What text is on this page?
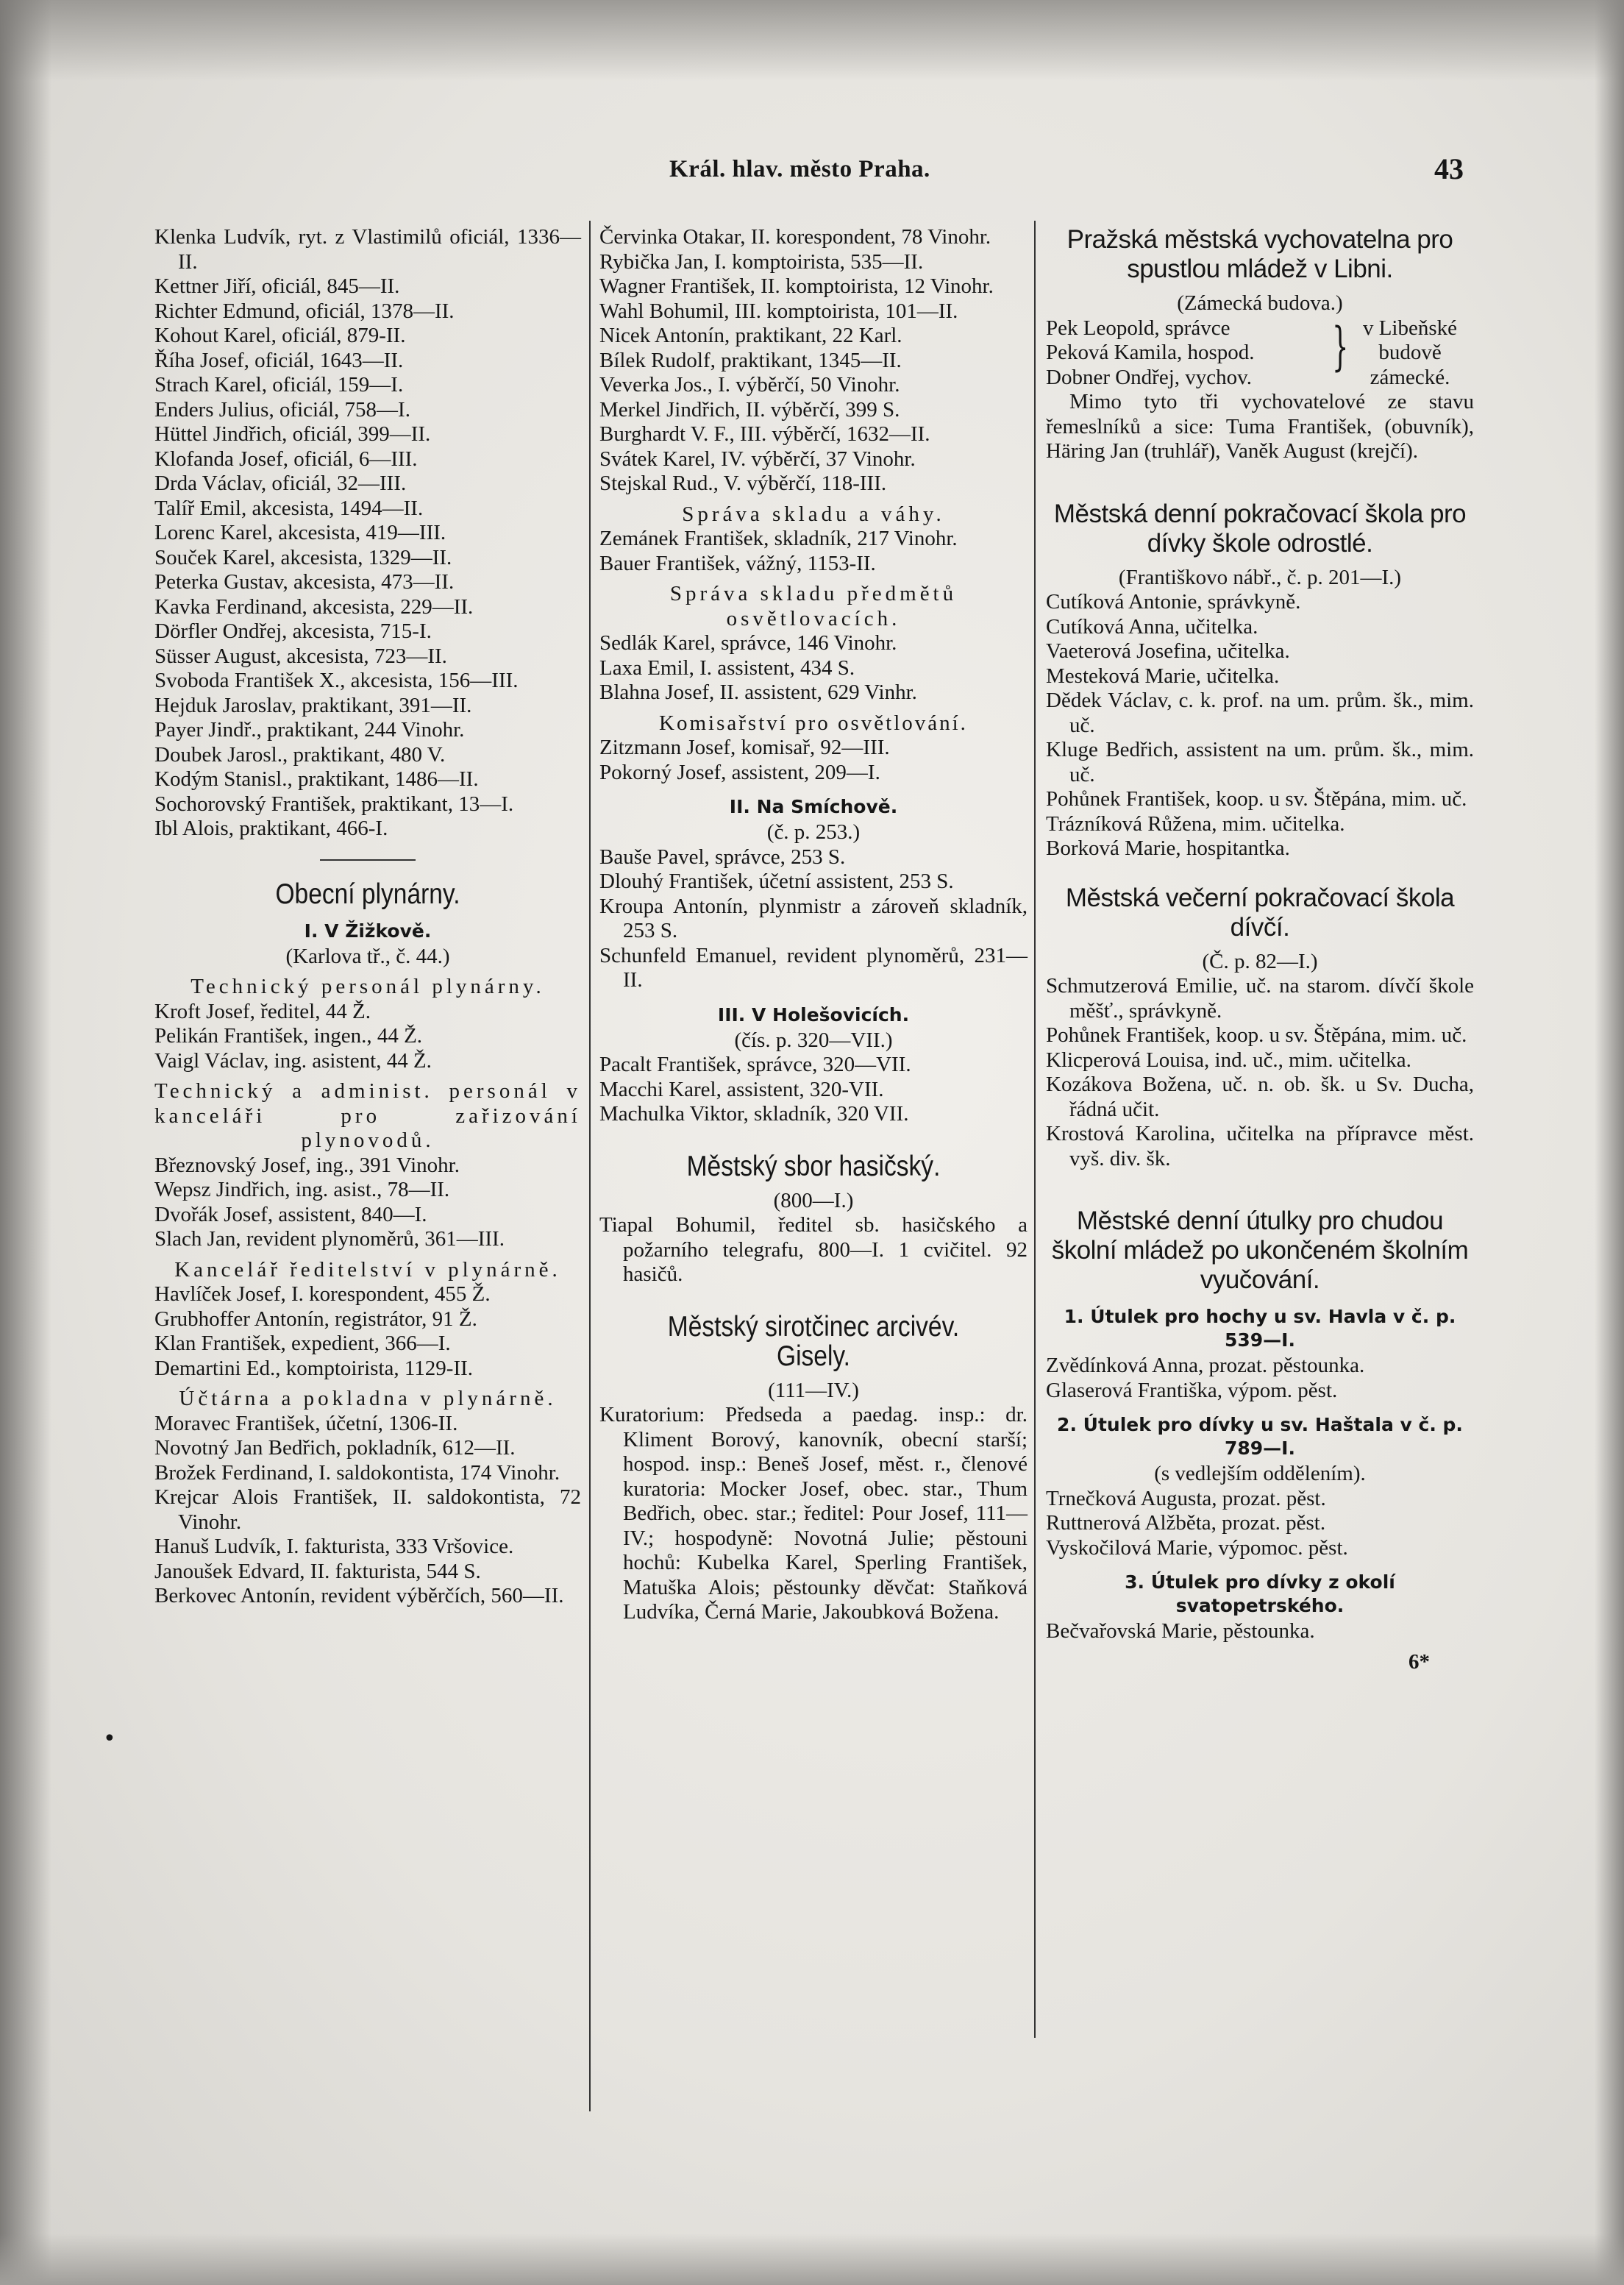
Král. hlav. město Praha.	43
•
Klenka Ludvík, ryt. z Vlastimilů oficiál, 1336—II.
Kettner Jiří, oficiál, 845—II.
Richter Edmund, oficiál, 1378—II.
Kohout Karel, oficiál, 879-II.
Říha Josef, oficiál, 1643—II.
Strach Karel, oficiál, 159—I.
Enders Julius, oficiál, 758—I.
Hüttel Jindřich, oficiál, 399—II.
Klofanda Josef, oficiál, 6—III.
Drda Václav, oficiál, 32—III.
Talíř Emil, akcesista, 1494—II.
Lorenc Karel, akcesista, 419—III.
Souček Karel, akcesista, 1329—II.
Peterka Gustav, akcesista, 473—II.
Kavka Ferdinand, akcesista, 229—II.
Dörfler Ondřej, akcesista, 715-I.
Süsser August, akcesista, 723—II.
Svoboda František X., akcesista, 156—III.
Hejduk Jaroslav, praktikant, 391—II.
Payer Jindř., praktikant, 244 Vinohr.
Doubek Jarosl., praktikant, 480 V.
Kodým Stanisl., praktikant, 1486—II.
Sochorovský František, praktikant, 13—I.
Ibl Alois, praktikant, 466-I.
Obecní plynárny.
I. V Žižkově.
(Karlova tř., č. 44.)
Technický personál plynárny.
Kroft Josef, ředitel, 44 Ž.
Pelikán František, ingen., 44 Ž.
Vaigl Václav, ing. asistent, 44 Ž.
Technický a administ. personál v kanceláři pro zařizování plynovodů.
Březnovský Josef, ing., 391 Vinohr.
Wepsz Jindřich, ing. asist., 78—II.
Dvořák Josef, assistent, 840—I.
Slach Jan, revident plynoměrů, 361—III.
Kancelář ředitelství v plynárně.
Havlíček Josef, I. korespondent, 455 Ž.
Grubhoffer Antonín, registrátor, 91 Ž.
Klan František, expedient, 366—I.
Demartini Ed., komptoirista, 1129-II.
Účtárna a pokladna v plynárně.
Moravec František, účetní, 1306-II.
Novotný Jan Bedřich, pokladník, 612—II.
Brožek Ferdinand, I. saldokontista, 174 Vinohr.
Krejcar Alois František, II. saldokontista, 72 Vinohr.
Hanuš Ludvík, I. fakturista, 333 Vršovice.
Janoušek Edvard, II. fakturista, 544 S.
Berkovec Antonín, revident výběrčích, 560—II.
Červinka Otakar, II. korespondent, 78 Vinohr.
Rybička Jan, I. komptoirista, 535—II.
Wagner František, II. komptoirista, 12 Vinohr.
Wahl Bohumil, III. komptoirista, 101—II.
Nicek Antonín, praktikant, 22 Karl.
Bílek Rudolf, praktikant, 1345—II.
Veverka Jos., I. výběrčí, 50 Vinohr.
Merkel Jindřich, II. výběrčí, 399 S.
Burghardt V. F., III. výběrčí, 1632—II.
Svátek Karel, IV. výběrčí, 37 Vinohr.
Stejskal Rud., V. výběrčí, 118-III.
Správa skladu a váhy.
Zemánek František, skladník, 217 Vinohr.
Bauer František, vážný, 1153-II.
Správa skladu předmětů osvětlovacích.
Sedlák Karel, správce, 146 Vinohr.
Laxa Emil, I. assistent, 434 S.
Blahna Josef, II. assistent, 629 Vinhr.
Komisařství pro osvětlování.
Zitzmann Josef, komisař, 92—III.
Pokorný Josef, assistent, 209—I.
II. Na Smíchově.
(č. p. 253.)
Bauše Pavel, správce, 253 S.
Dlouhý František, účetní assistent, 253 S.
Kroupa Antonín, plynmistr a zároveň skladník, 253 S.
Schunfeld Emanuel, revident plynoměrů, 231—II.
III. V Holešovicích.
(čís. p. 320—VII.)
Pacalt František, správce, 320—VII.
Macchi Karel, assistent, 320-VII.
Machulka Viktor, skladník, 320 VII.
Městský sbor hasičský.
(800—I.)
Tiapal Bohumil, ředitel sb. hasičského a požarního telegrafu, 800—I. 1 cvičitel. 92 hasičů.
Městský sirotčinec arcivév. Gisely.
(111—IV.)
Kuratorium: Předseda a paedag. insp.: dr. Kliment Borový, kanovník, obecní starší; hospod. insp.: Beneš Josef, měst. r., členové kuratoria: Mocker Josef, obec. star., Thum Bedřich, obec. star.; ředitel: Pour Josef, 111—IV.; hospodyně: Novotná Julie; pěstouni hochů: Kubelka Karel, Sperling František, Matuška Alois; pěstounky děvčat: Staňková Ludvíka, Černá Marie, Jakoubková Božena.
Pražská městská vychovatelna pro spustlou mládež v Libni.
(Zámecká budova.)
Pek Leopold, správce
Peková Kamila, hospod.
Dobner Ondřej, vychov.
} v Libeňské budově zámecké.
Mimo tyto tři vychovatelové ze stavu řemeslníků a sice: Tuma František, (obuvník), Häring Jan (truhlář), Vaněk August (krejčí).
Městská denní pokračovací škola pro dívky škole odrostlé.
(Františkovo nábř., č. p. 201—I.)
Cutíková Antonie, správkyně.
Cutíková Anna, učitelka.
Vaeterová Josefina, učitelka.
Mesteková Marie, učitelka.
Dědek Václav, c. k. prof. na um. prům. šk., mim. uč.
Kluge Bedřich, assistent na um. prům. šk., mim. uč.
Pohůnek František, koop. u sv. Štěpána, mim. uč.
Trázníková Růžena, mim. učitelka.
Borková Marie, hospitantka.
Městská večerní pokračovací škola dívčí.
(Č. p. 82—I.)
Schmutzerová Emilie, uč. na starom. dívčí škole měšť., správkyně.
Pohůnek František, koop. u sv. Štěpána, mim. uč.
Klicperová Louisa, ind. uč., mim. učitelka.
Kozákova Božena, uč. n. ob. šk. u Sv. Ducha, řádná učit.
Krostová Karolina, učitelka na přípravce měst. vyš. div. šk.
Městské denní útulky pro chudou školní mládež po ukončeném školním vyučování.
1. Útulek pro hochy u sv. Havla v č. p. 539—I.
Zvědínková Anna, prozat. pěstounka.
Glaserová Františka, výpom. pěst.
2. Útulek pro dívky u sv. Haštala v č. p. 789—I.
(s vedlejším oddělením).
Trnečková Augusta, prozat. pěst.
Ruttnerová Alžběta, prozat. pěst.
Vyskočilová Marie, výpomoc. pěst.
3. Útulek pro dívky z okolí svatopetrského.
Bečvařovská Marie, pěstounka.
6*
